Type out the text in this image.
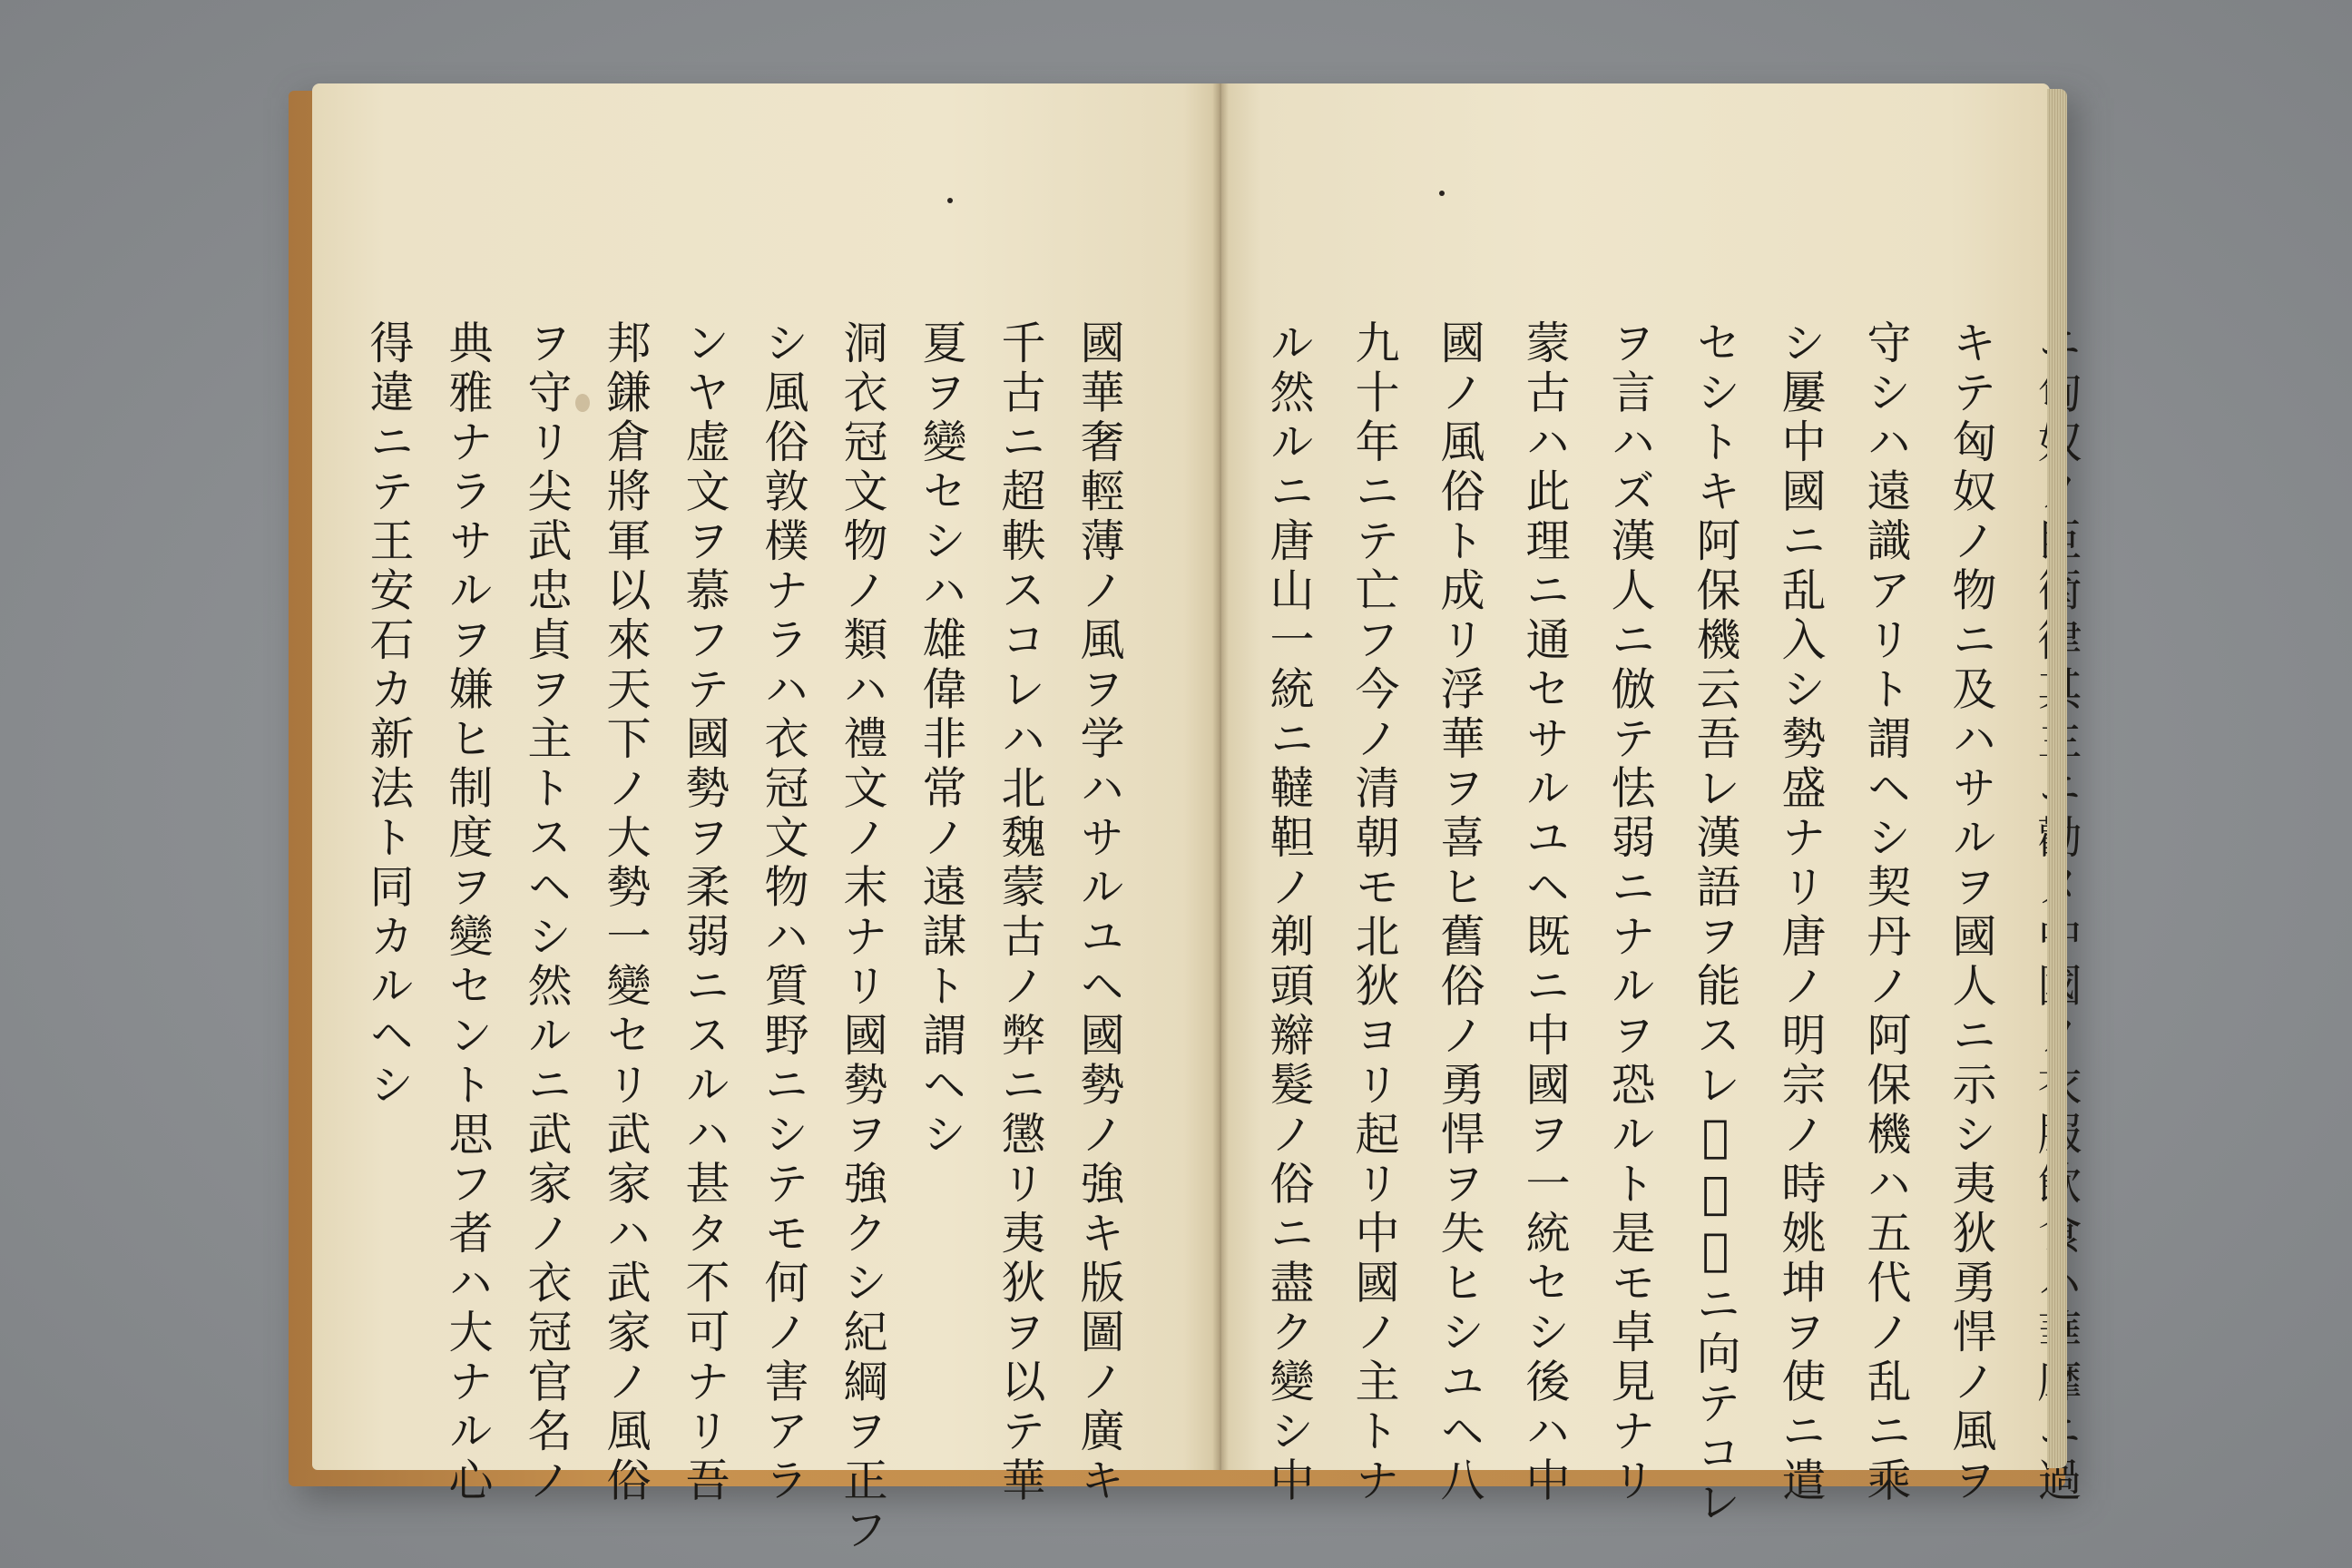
國華奢輕薄ノ風ヲ学ハサルユヘ國勢ノ強キ版圖ノ廣キ
千古ニ超軼スコレハ北魏蒙古ノ弊ニ懲リ夷狄ヲ以テ華
夏ヲ變セシハ雄偉非常ノ遠謀ト謂ヘシ
洞衣冠文物ノ類ハ禮文ノ末ナリ國勢ヲ強クシ紀綱ヲ正フ
シ風俗敦樸ナラハ衣冠文物ハ質野ニシテモ何ノ害アラ
ンヤ虚文ヲ慕フテ國勢ヲ柔弱ニスルハ甚タ不可ナリ吾
邦鎌倉將軍以來天下ノ大勢一變セリ武家ハ武家ノ風俗
ヲ守リ尖武忠貞ヲ主トスヘシ然ルニ武家ノ衣冠官名ノ
典雅ナラサルヲ嫌ヒ制度ヲ變セント思フ者ハ大ナル心
得違ニテ王安石カ新法ト同カルヘシ	キテ匈奴ノ物ニ及ハサルヲ國人ニ示シ夷狄勇悍ノ風ヲ
守シハ遠識アリト謂ヘシ契丹ノ阿保機ハ五代ノ乱ニ乘
シ屢中國ニ乱入シ勢盛ナリ唐ノ明宗ノ時姚坤ヲ使ニ遣
セシトキ阿保機云吾レ漢語ヲ能スレ𪜈士卒ニ向テコレ
ヲ言ハズ漢人ニ倣テ怯弱ニナルヲ恐ルト是モ卓見ナリ
蒙古ハ此理ニ通セサルユヘ既ニ中國ヲ一統セシ後ハ中
國ノ風俗ト成リ浮華ヲ喜ヒ舊俗ノ勇悍ヲ失ヒシユヘ八
九十年ニテ亡フ今ノ清朝モ北狄ヨリ起リ中國ノ主トナ
ル然ルニ唐山一統ニ韃靼ノ剃頭辮髮ノ俗ニ盡ク變シ中
